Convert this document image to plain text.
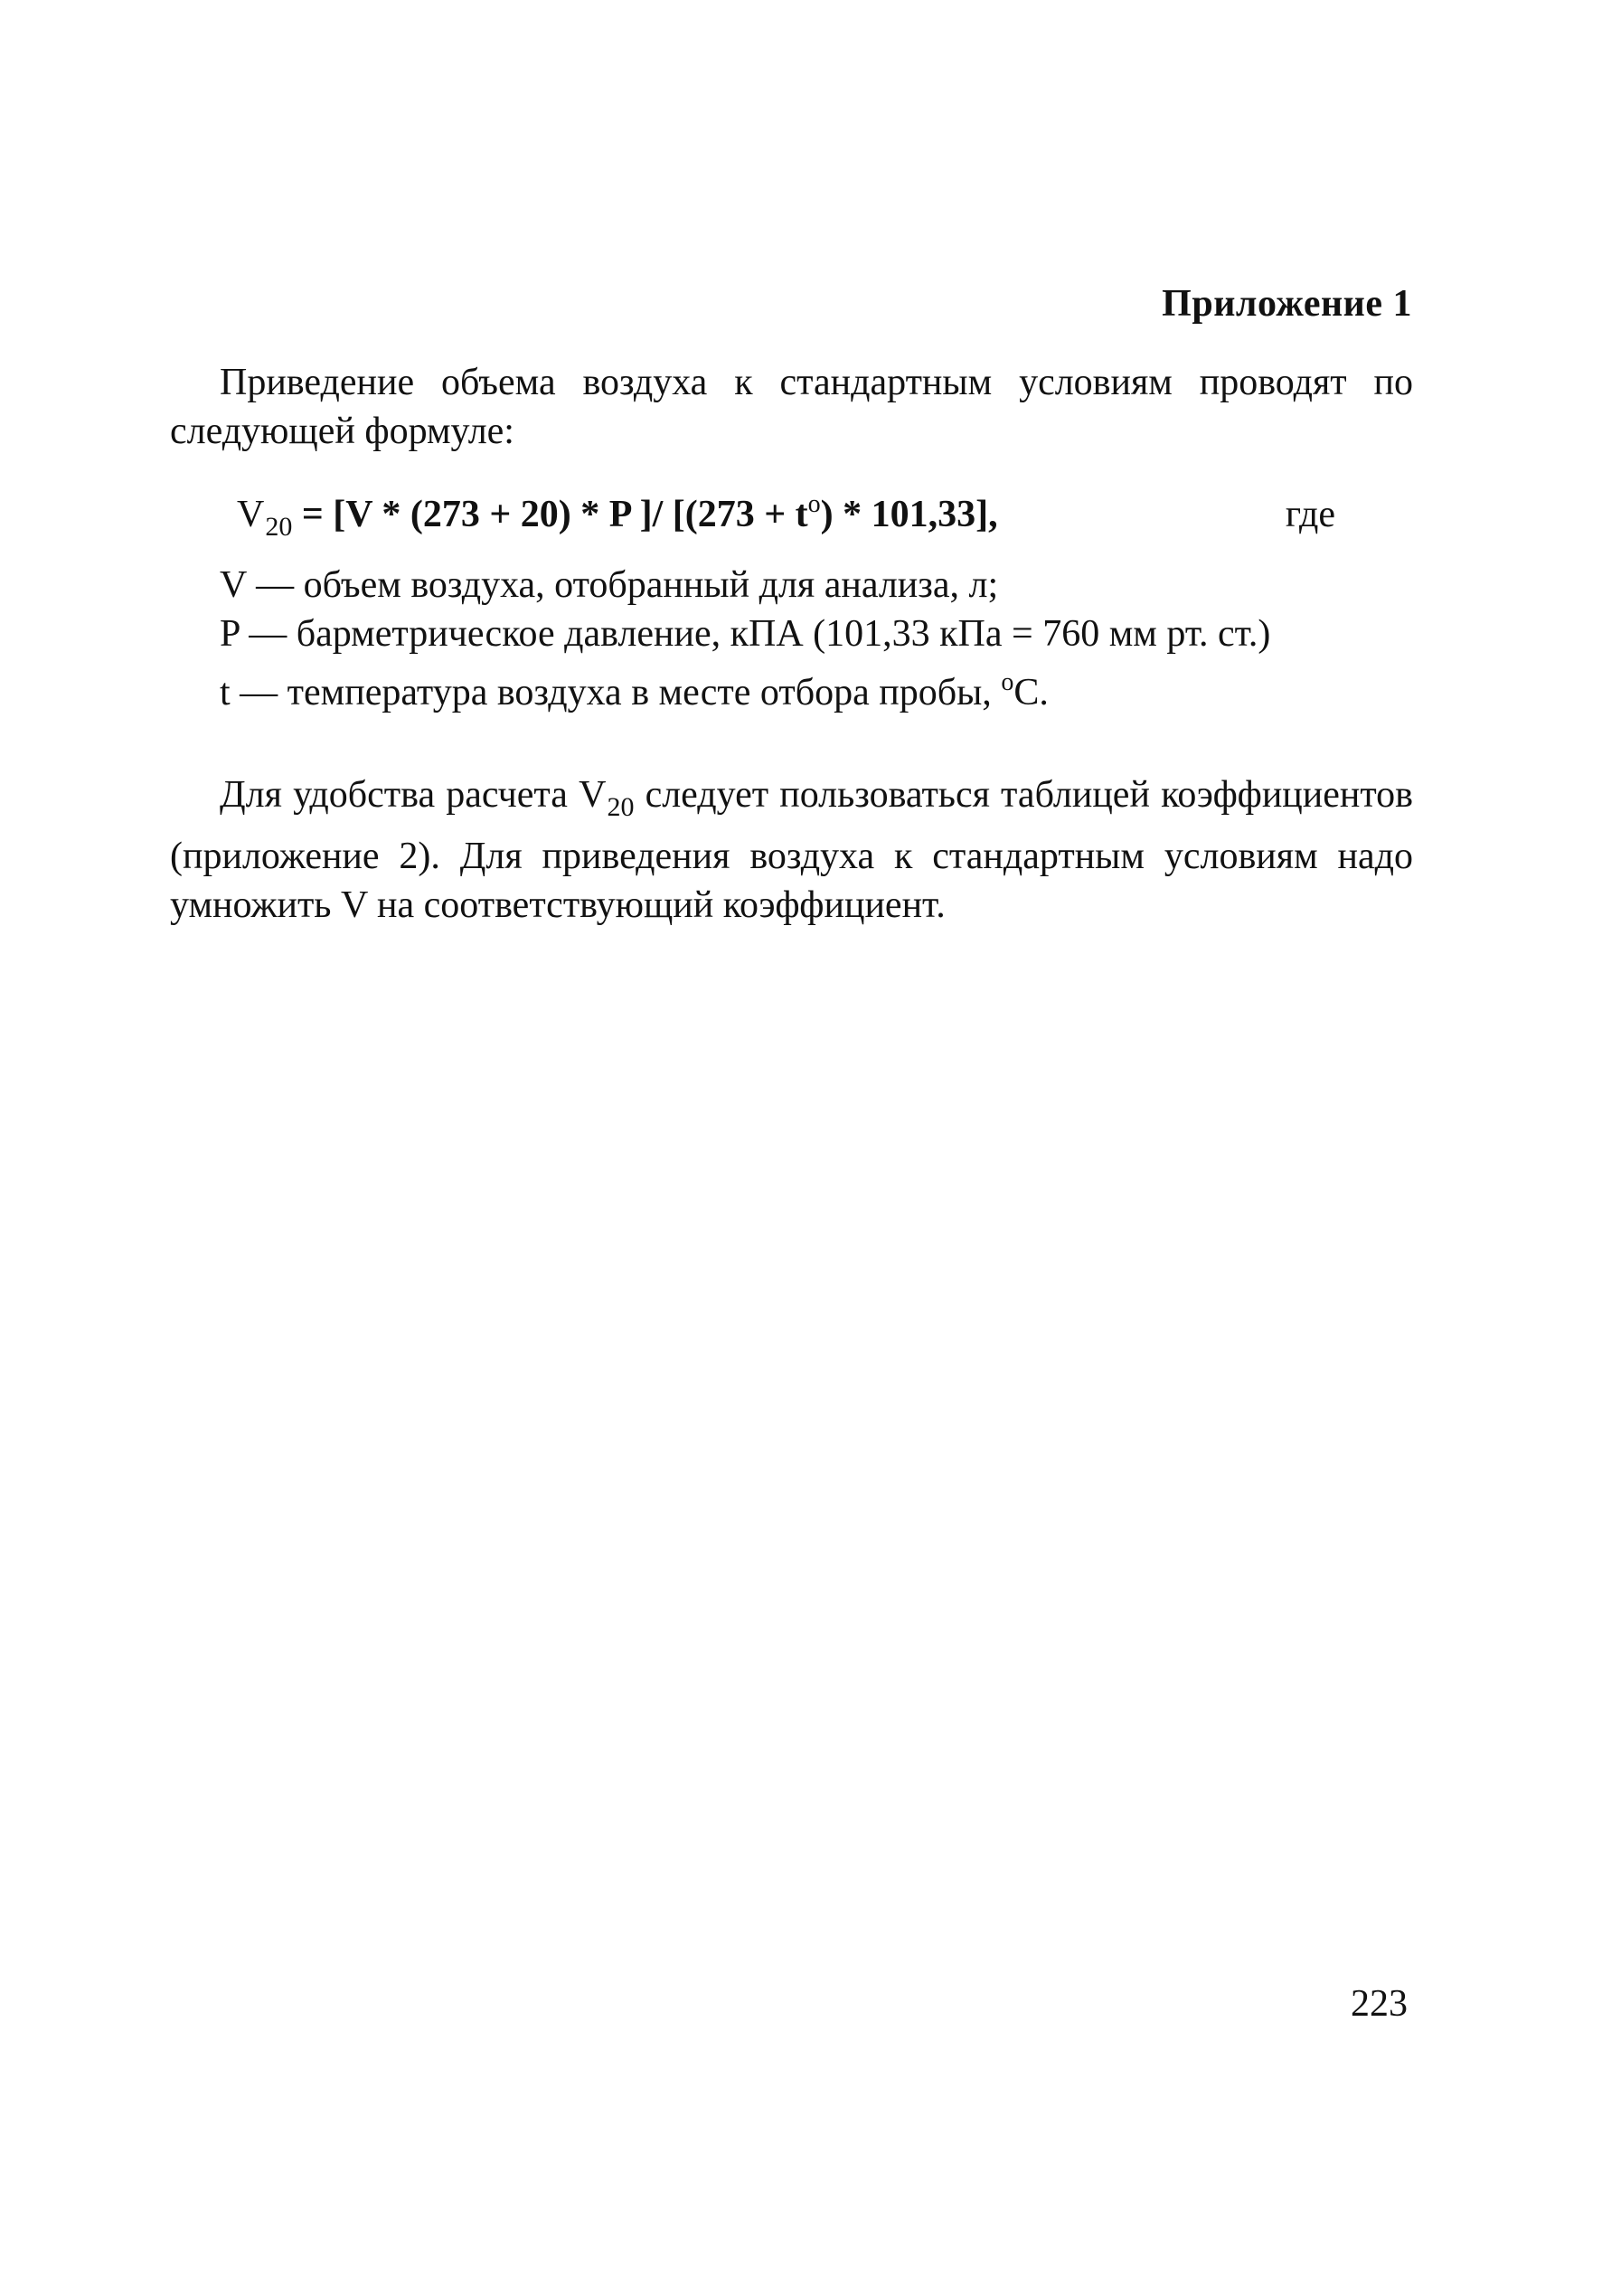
Приложение 1
Приведение объема воздуха к стандартным условиям проводят по следующей формуле:
$V_{20} = [V * (273 + 20) * P$ ]/ $[(273 + t^o) * 101,33]$,	где
V — объем воздуха, отобранный для анализа, л;
P — барметрическое давление, кПА (101,33 кПа = 760 мм рт. ст.)
t — температура воздуха в месте отбора пробы, $^o$C.
Для удобства расчета $V_{20}$ следует пользоваться таблицей коэффициентов (приложение 2). Для приведения воздуха к стандартным условиям надо умножить V на соответствующий коэффициент.
223
